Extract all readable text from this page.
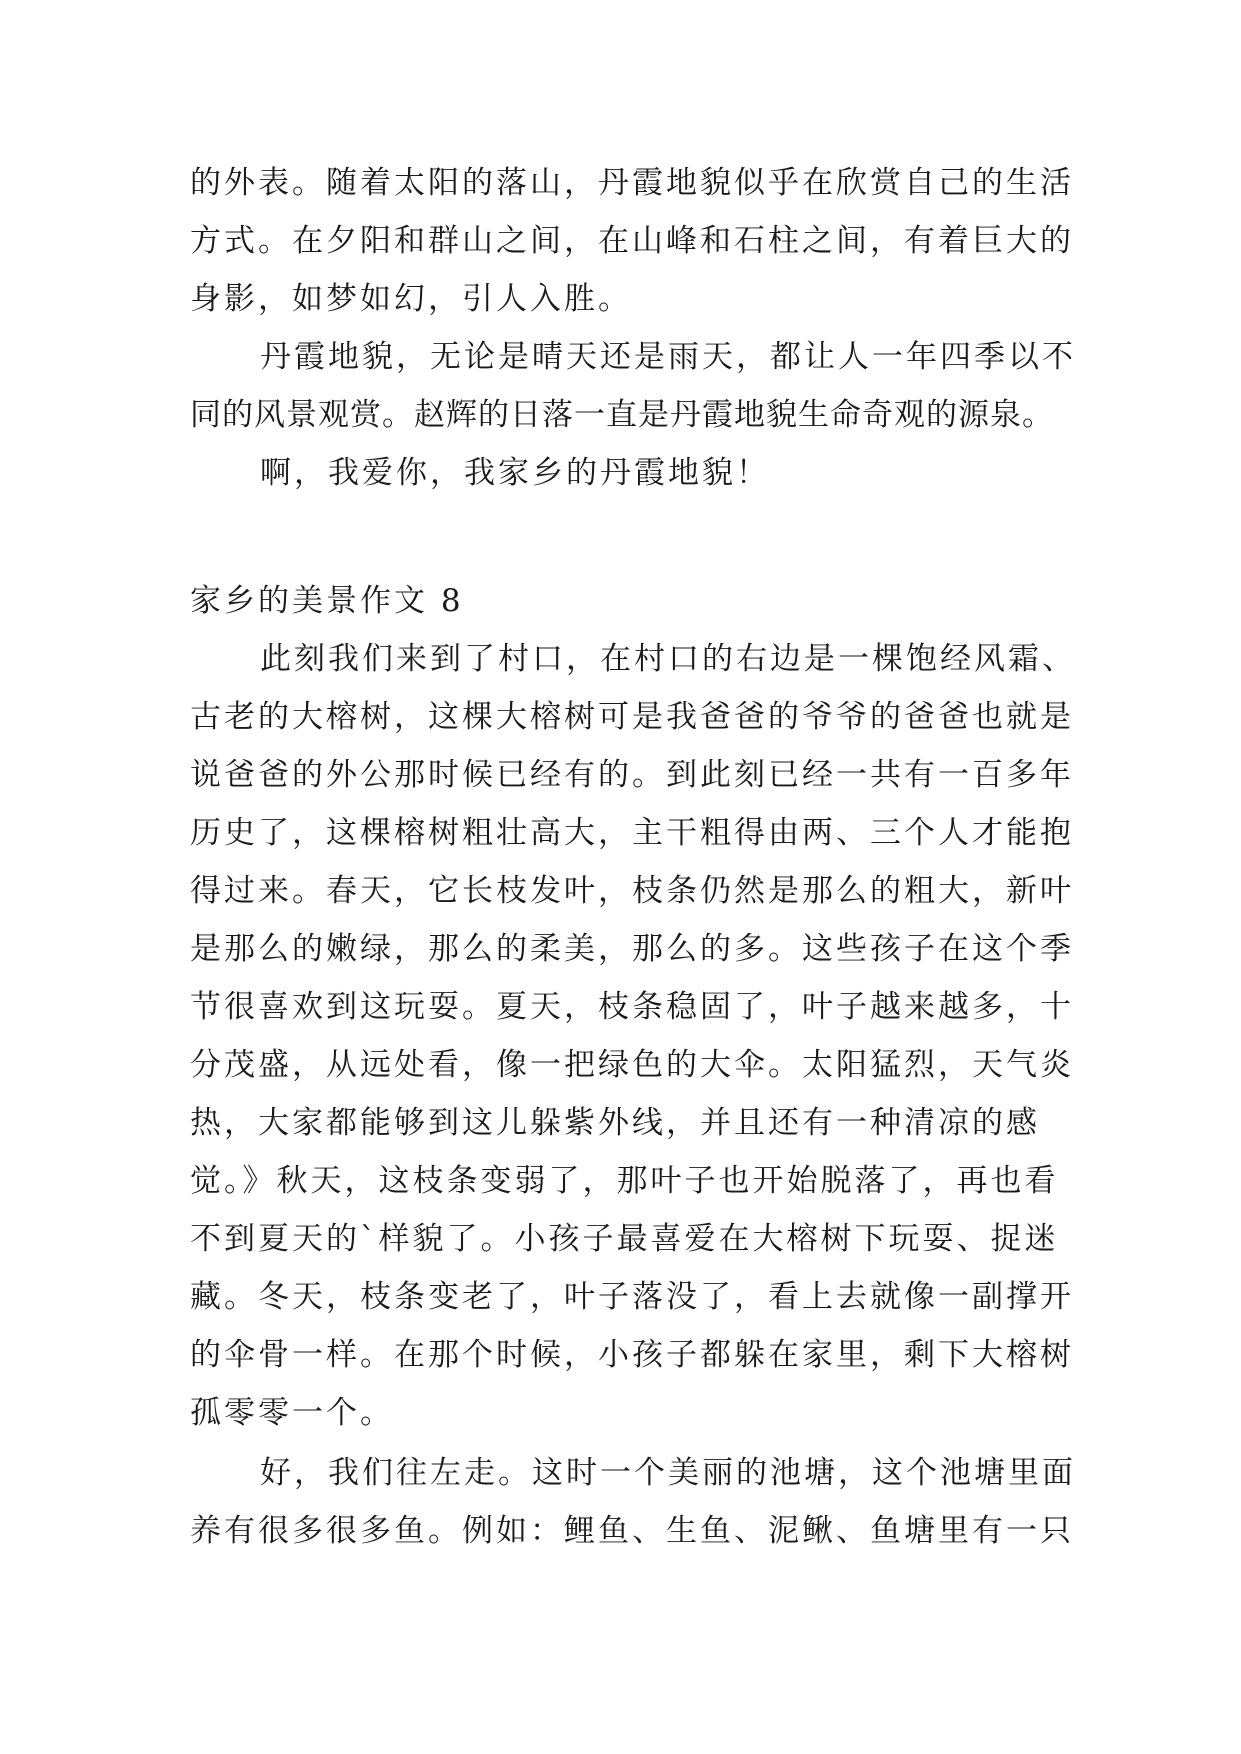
的外表。随着太阳的落山，丹霞地貌似乎在欣赏自己的生活
方式。在夕阳和群山之间，在山峰和石柱之间，有着巨大的
身影，如梦如幻，引人入胜。
丹霞地貌，无论是晴天还是雨天，都让人一年四季以不
同的风景观赏。赵辉的日落一直是丹霞地貌生命奇观的源泉。
啊，我爱你，我家乡的丹霞地貌！
家乡的美景作文 8
此刻我们来到了村口，在村口的右边是一棵饱经风霜、
古老的大榕树，这棵大榕树可是我爸爸的爷爷的爸爸也就是
说爸爸的外公那时候已经有的。到此刻已经一共有一百多年
历史了，这棵榕树粗壮高大，主干粗得由两、三个人才能抱
得过来。春天，它长枝发叶，枝条仍然是那么的粗大，新叶
是那么的嫩绿，那么的柔美，那么的多。这些孩子在这个季
节很喜欢到这玩耍。夏天，枝条稳固了，叶子越来越多，十
分茂盛，从远处看，像一把绿色的大伞。太阳猛烈，天气炎
热，大家都能够到这儿躲紫外线，并且还有一种清凉的感
觉。》秋天，这枝条变弱了，那叶子也开始脱落了，再也看
不到夏天的`样貌了。小孩子最喜爱在大榕树下玩耍、捉迷
藏。冬天，枝条变老了，叶子落没了，看上去就像一副撑开
的伞骨一样。在那个时候，小孩子都躲在家里，剩下大榕树
孤零零一个。
好，我们往左走。这时一个美丽的池塘，这个池塘里面
养有很多很多鱼。例如：鲤鱼、生鱼、泥鳅、鱼塘里有一只
